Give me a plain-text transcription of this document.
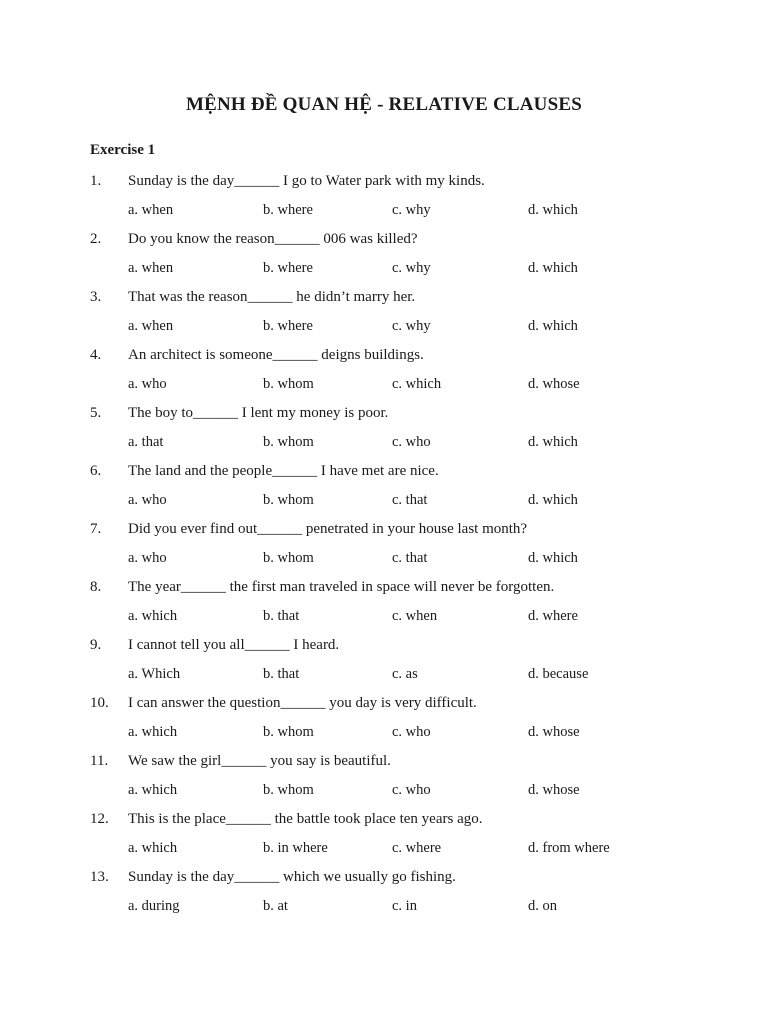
MỆNH ĐỀ QUAN HỆ - RELATIVE CLAUSES
Exercise 1
1. Sunday is the day______ I go to Water park with my kinds.
a. when	b. where	c. why	d. which
2. Do you know the reason______ 006 was killed?
a. when	b. where	c. why	d. which
3. That was the reason______ he didn’t marry her.
a. when	b. where	c. why	d. which
4. An architect is someone______ deigns buildings.
a. who	b. whom	c. which	d. whose
5. The boy to______ I lent my money is poor.
a. that	b. whom	c. who	d. which
6. The land and the people______ I have met are nice.
a. who	b. whom	c. that	d. which
7. Did you ever find out______ penetrated in your house last month?
a. who	b. whom	c. that	d. which
8. The year______ the first man traveled in space will never be forgotten.
a. which	b. that	c. when	d. where
9. I cannot tell you all______ I heard.
a. Which	b. that	c. as	d. because
10. I can answer the question______ you day is very difficult.
a. which	b. whom	c. who	d. whose
11. We saw the girl______ you say is beautiful.
a. which	b. whom	c. who	d. whose
12. This is the place______ the battle took place ten years ago.
a. which	b. in where	c. where	d. from where
13. Sunday is the day______ which we usually go fishing.
a. during	b. at	c. in	d. on
